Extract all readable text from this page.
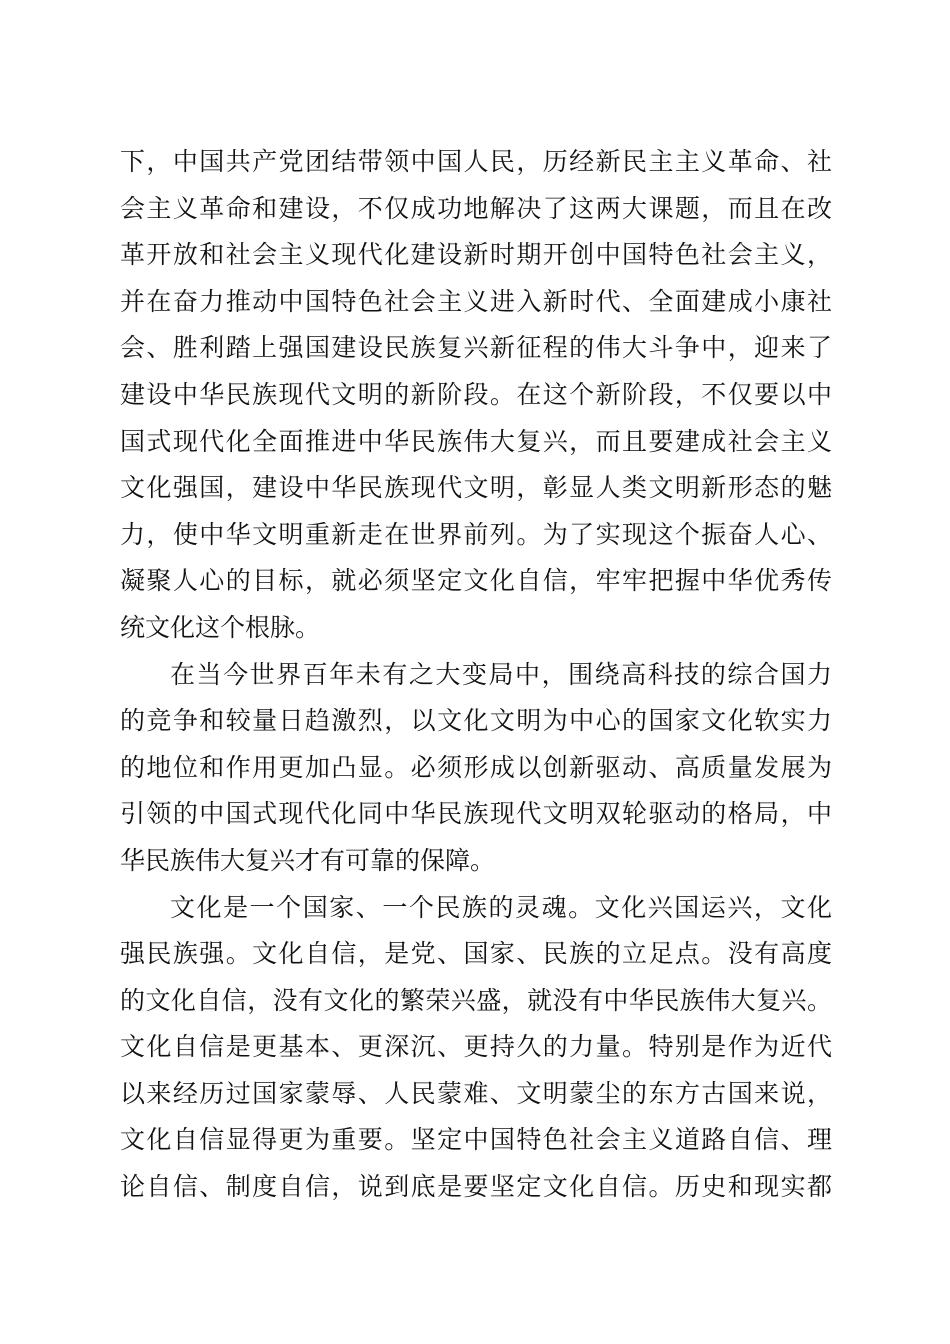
下，中国共产党团结带领中国人民，历经新民主主义革命、社
会主义革命和建设，不仅成功地解决了这两大课题，而且在改
革开放和社会主义现代化建设新时期开创中国特色社会主义，
并在奋力推动中国特色社会主义进入新时代、全面建成小康社
会、胜利踏上强国建设民族复兴新征程的伟大斗争中，迎来了
建设中华民族现代文明的新阶段。在这个新阶段，不仅要以中
国式现代化全面推进中华民族伟大复兴，而且要建成社会主义
文化强国，建设中华民族现代文明，彰显人类文明新形态的魅
力，使中华文明重新走在世界前列。为了实现这个振奋人心、
凝聚人心的目标，就必须坚定文化自信，牢牢把握中华优秀传
统文化这个根脉。
在当今世界百年未有之大变局中，围绕高科技的综合国力
的竞争和较量日趋激烈，以文化文明为中心的国家文化软实力
的地位和作用更加凸显。必须形成以创新驱动、高质量发展为
引领的中国式现代化同中华民族现代文明双轮驱动的格局，中
华民族伟大复兴才有可靠的保障。
文化是一个国家、一个民族的灵魂。文化兴国运兴，文化
强民族强。文化自信，是党、国家、民族的立足点。没有高度
的文化自信，没有文化的繁荣兴盛，就没有中华民族伟大复兴。
文化自信是更基本、更深沉、更持久的力量。特别是作为近代
以来经历过国家蒙辱、人民蒙难、文明蒙尘的东方古国来说，
文化自信显得更为重要。坚定中国特色社会主义道路自信、理
论自信、制度自信，说到底是要坚定文化自信。历史和现实都
